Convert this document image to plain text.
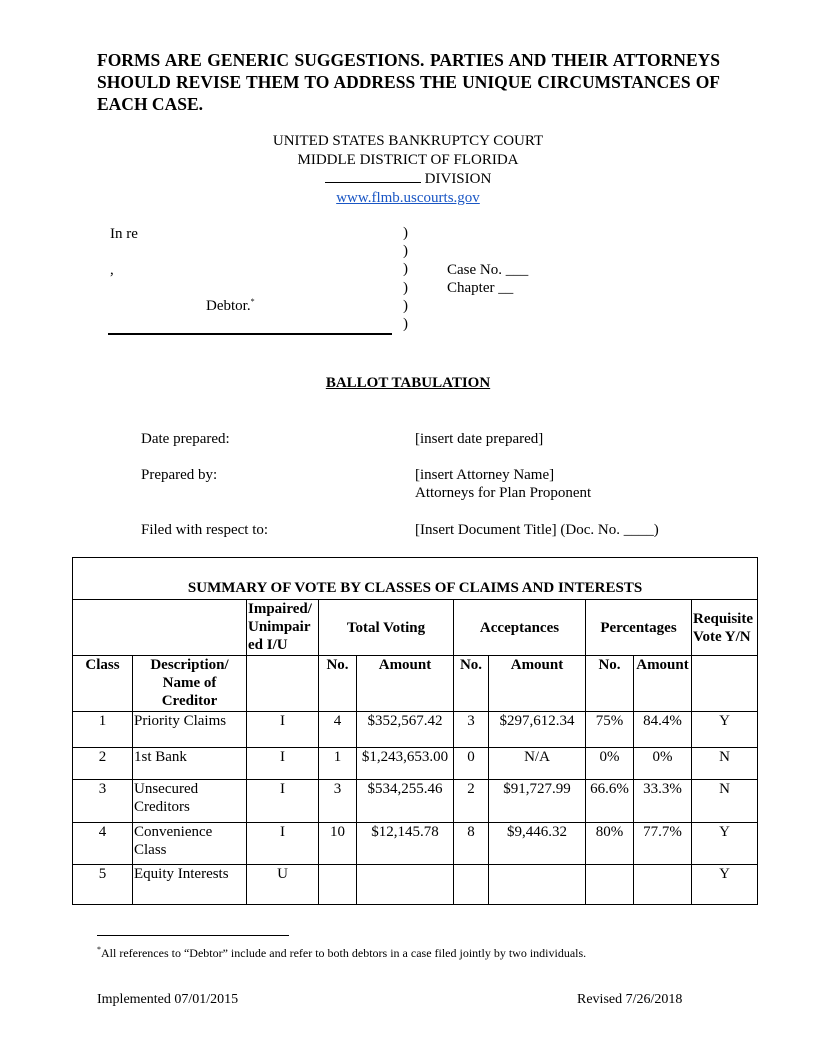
FORMS ARE GENERIC SUGGESTIONS. PARTIES AND THEIR ATTORNEYS SHOULD REVISE THEM TO ADDRESS THE UNIQUE CIRCUMSTANCES OF EACH CASE.
UNITED STATES BANKRUPTCY COURT
MIDDLE DISTRICT OF FLORIDA
DIVISION
www.flmb.uscourts.gov
In re
,
Debtor.*
)
)
)
)
)
)
Case No. ___
Chapter __
BALLOT TABULATION
Date prepared:	[insert date prepared]
Prepared by:	[insert Attorney Name]
Attorneys for Plan Proponent
Filed with respect to:	[Insert Document Title] (Doc. No. ____)
SUMMARY OF VOTE BY CLASSES OF CLAIMS AND INTERESTS									
		Impaired/ Unimpair ed I/U	Total Voting		Acceptances		Percentages		Requisite Vote Y/N
Class	Description/ Name of Creditor		No.	Amount	No.	Amount	No.	Amount	
1	Priority Claims	I	4	$352,567.42	3	$297,612.34	75%	84.4%	Y
2	1st Bank	I	1	$1,243,653.00	0	N/A	0%	0%	N
3	Unsecured Creditors	I	3	$534,255.46	2	$91,727.99	66.6%	33.3%	N
4	Convenience Class	I	10	$12,145.78	8	$9,446.32	80%	77.7%	Y
5	Equity Interests	U							Y
*All references to “Debtor” include and refer to both debtors in a case filed jointly by two individuals.
Implemented 07/01/2015	Revised 7/26/2018
